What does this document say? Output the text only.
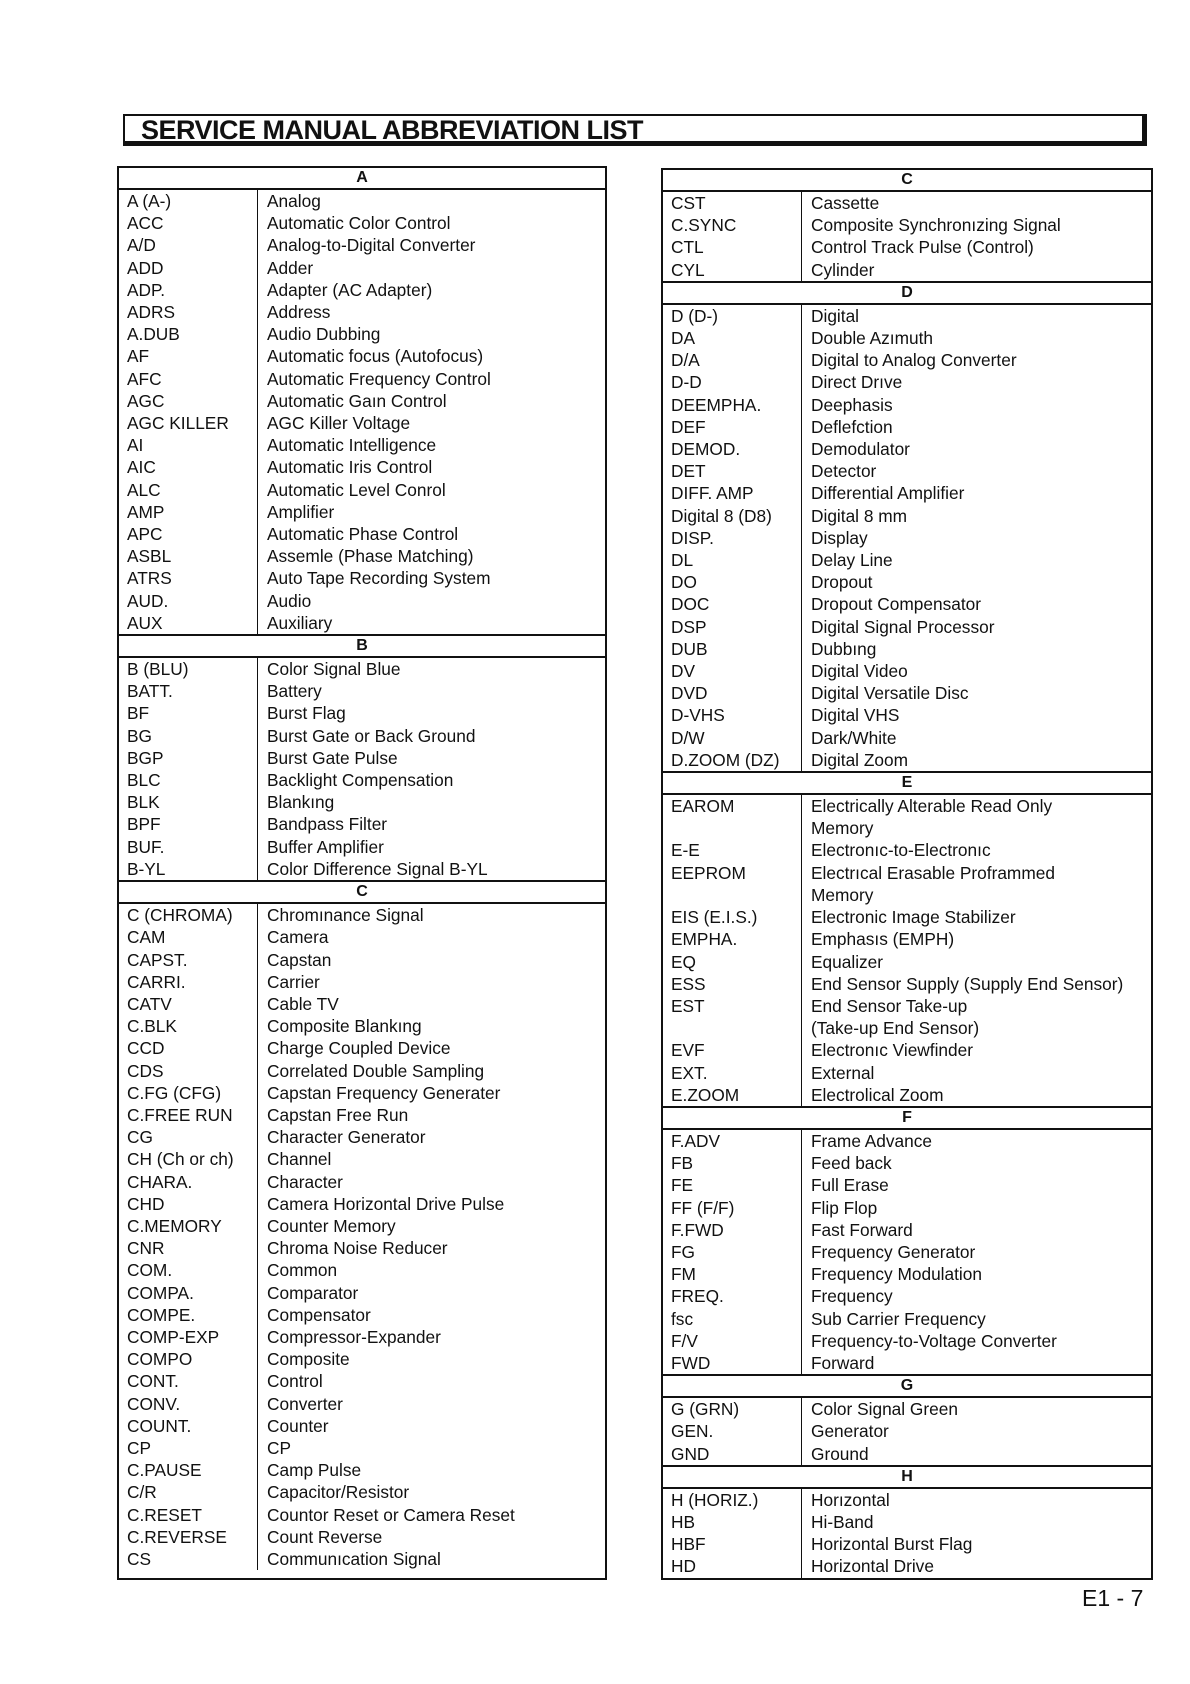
SERVICE MANUAL ABBREVIATION LIST
A
A (A-)	Analog
ACC	Automatic Color Control
A/D	Analog-to-Digital Converter
ADD	Adder
ADP.	Adapter (AC Adapter)
ADRS	Address
A.DUB	Audio Dubbing
AF	Automatic focus (Autofocus)
AFC	Automatic Frequency Control
AGC	Automatic Gaın Control
AGC KILLER	AGC Killer Voltage
AI	Automatic Intelligence
AIC	Automatic Iris Control
ALC	Automatic Level Conrol
AMP	Amplifier
APC	Automatic Phase Control
ASBL	Assemle (Phase Matching)
ATRS	Auto Tape Recording System
AUD.	Audio
AUX	Auxiliary
B
B (BLU)	Color Signal Blue
BATT.	Battery
BF	Burst Flag
BG	Burst Gate or Back Ground
BGP	Burst Gate Pulse
BLC	Backlight Compensation
BLK	Blankıng
BPF	Bandpass Filter
BUF.	Buffer Amplifier
B-YL	Color Difference Signal B-YL
C
C (CHROMA)	Chromınance Signal
CAM	Camera
CAPST.	Capstan
CARRI.	Carrier
CATV	Cable TV
C.BLK	Composite Blankıng
CCD	Charge Coupled Device
CDS	Correlated Double Sampling
C.FG (CFG)	Capstan Frequency Generater
C.FREE RUN	Capstan Free Run
CG	Character Generator
CH (Ch or ch)	Channel
CHARA.	Character
CHD	Camera Horizontal Drive Pulse
C.MEMORY	Counter Memory
CNR	Chroma Noise Reducer
COM.	Common
COMPA.	Comparator
COMPE.	Compensator
COMP-EXP	Compressor-Expander
COMPO	Composite
CONT.	Control
CONV.	Converter
COUNT.	Counter
CP	CP
C.PAUSE	Camp Pulse
C/R	Capacitor/Resistor
C.RESET	Countor Reset or Camera Reset
C.REVERSE	Count Reverse
CS	Communıcation Signal
C
CST	Cassette
C.SYNC	Composite Synchronızing Signal
CTL	Control Track Pulse (Control)
CYL	Cylinder
D
D (D-)	Digital
DA	Double Azımuth
D/A	Digital to Analog Converter
D-D	Direct Drıve
DEEMPHA.	Deephasis
DEF	Deflefction
DEMOD.	Demodulator
DET	Detector
DIFF. AMP	Differential Amplifier
Digital 8 (D8)	Digital 8 mm
DISP.	Display
DL	Delay Line
DO	Dropout
DOC	Dropout Compensator
DSP	Digital Signal Processor
DUB	Dubbıng
DV	Digital Video
DVD	Digital Versatile Disc
D-VHS	Digital VHS
D/W	Dark/White
D.ZOOM (DZ)	Digital Zoom
E
EAROM	Electrically Alterable Read Only
Memory
E-E	Electronıc-to-Electronıc
EEPROM	Electrıcal Erasable Proframmed
Memory
EIS (E.I.S.)	Electronic Image Stabilizer
EMPHA.	Emphasıs (EMPH)
EQ	Equalizer
ESS	End Sensor Supply (Supply End Sensor)
EST	End Sensor Take-up
(Take-up End Sensor)
EVF	Electronıc Viewfinder
EXT.	External
E.ZOOM	Electrolical Zoom
F
F.ADV	Frame Advance
FB	Feed back
FE	Full Erase
FF (F/F)	Flip Flop
F.FWD	Fast Forward
FG	Frequency Generator
FM	Frequency Modulation
FREQ.	Frequency
fsc	Sub Carrier Frequency
F/V	Frequency-to-Voltage Converter
FWD	Forward
G
G (GRN)	Color Signal Green
GEN.	Generator
GND	Ground
H
H (HORIZ.)	Horızontal
HB	Hi-Band
HBF	Horizontal Burst Flag
HD	Horizontal Drive
E1 - 7
